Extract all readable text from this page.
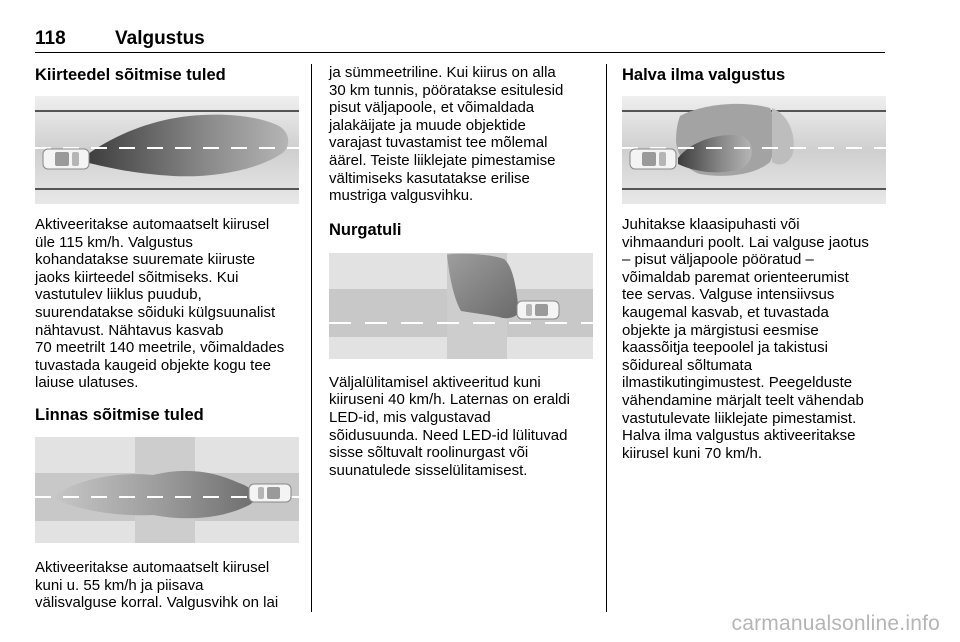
118	Valgustus
Kiirteedel sõitmise tuled

Aktiveeritakse automaatselt kiirusel
üle 115 km/h. Valgustus
kohandatakse suuremate kiiruste
jaoks kiirteedel sõitmiseks. Kui
vastutulev liiklus puudub,
suurendatakse sõiduki külgsuunalist
nähtavust. Nähtavus kasvab
70 meetrilt 140 meetrile, võimaldades
tuvastada kaugeid objekte kogu tee
laiuse ulatuses.

Linnas sõitmise tuled

Aktiveeritakse automaatselt kiirusel
kuni u. 55 km/h ja piisava
välisvalguse korral. Valgusvihk on lai

ja sümmeetriline. Kui kiirus on alla
30 km tunnis, pööratakse esitulesid
pisut väljapoole, et võimaldada
jalakäijate ja muude objektide
varajast tuvastamist tee mõlemal
äärel. Teiste liiklejate pimestamise
vältimiseks kasutatakse erilise
mustriga valgusvihku.

Nurgatuli

Väljalülitamisel aktiveeritud kuni
kiiruseni 40 km/h. Laternas on eraldi
LED-id, mis valgustavad
sõidusuunda. Need LED-id lülituvad
sisse sõltuvalt roolinurgast või
suunatulede sisselülitamisest.

Halva ilma valgustus

Juhitakse klaasipuhasti või
vihmaanduri poolt. Lai valguse jaotus
– pisut väljapoole pööratud –
võimaldab paremat orienteerumist
tee servas. Valguse intensiivsus
kaugemal kasvab, et tuvastada
objekte ja märgistusi eesmise
kaassõitja teepoolel ja takistusi
sõidureal sõltumata
ilmastikutingimustest. Peegelduste
vähendamine märjalt teelt vähendab
vastutulevate liiklejate pimestamist.
Halva ilma valgustus aktiveeritakse
kiirusel kuni 70 km/h.

carmanualsonline.info
